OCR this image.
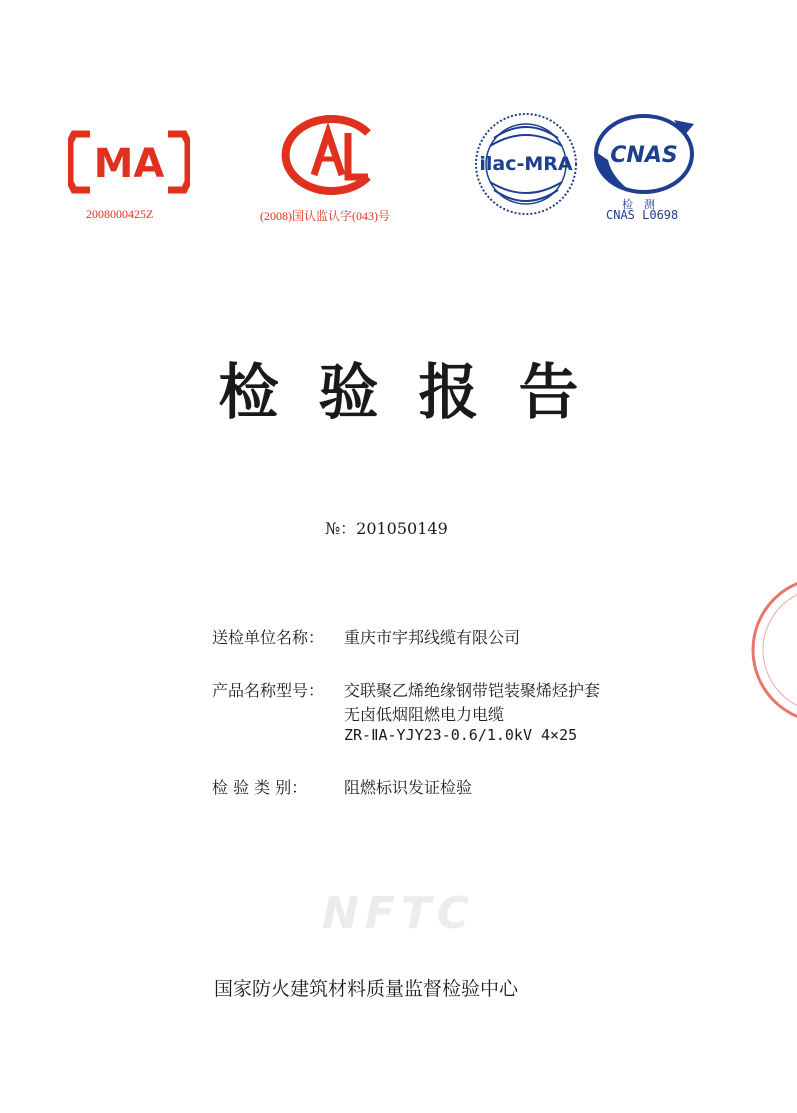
MA
2008000425Z	(2008)国认监认字(043)号
ilac-MRA CNAS
检　测
CNAS L0698
检验报告
№：201050149
送检单位名称： 重庆市宇邦线缆有限公司
产品名称型号： 交联聚乙烯绝缘钢带铠装聚烯烃护套
无卤低烟阻燃电力电缆
ZR-ⅡA-YJY23-0.6/1.0kV 4×25
检 验 类 别： 阻燃标识发证检验
NFTC
国家防火建筑材料质量监督检验中心
